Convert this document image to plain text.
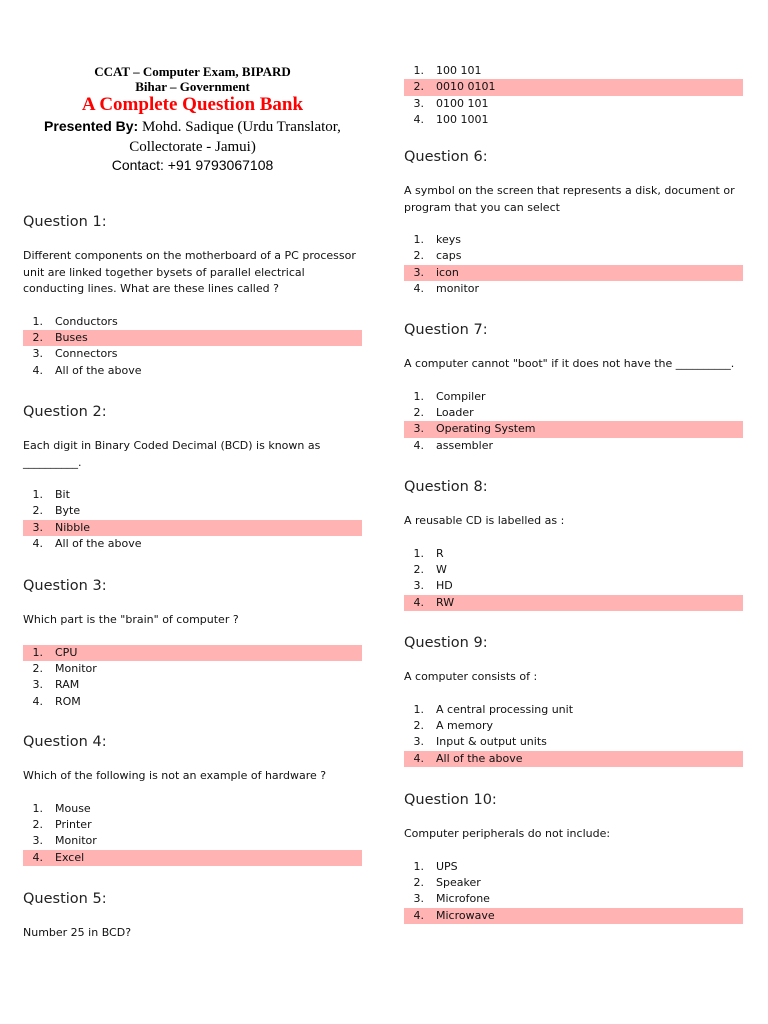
CCAT – Computer Exam, BIPARD
Bihar – Government
A Complete Question Bank
Presented By: Mohd. Sadique (Urdu Translator,
Collectorate - Jamui)
Contact: +91 9793067108
Question 1:
Different components on the motherboard of a PC processor unit are linked together bysets of parallel electrical conducting lines. What are these lines called ?
1. Conductors
2. Buses
3. Connectors
4. All of the above
Question 2:
Each digit in Binary Coded Decimal (BCD) is known as __________.
1. Bit
2. Byte
3. Nibble
4. All of the above
Question 3:
Which part is the "brain" of computer ?
1. CPU
2. Monitor
3. RAM
4. ROM
Question 4:
Which of the following is not an example of hardware ?
1. Mouse
2. Printer
3. Monitor
4. Excel
Question 5:
Number 25 in BCD?
1. 100 101
2. 0010 0101
3. 0100 101
4. 100 1001
Question 6:
A symbol on the screen that represents a disk, document or program that you can select
1. keys
2. caps
3. icon
4. monitor
Question 7:
A computer cannot "boot" if it does not have the __________.
1. Compiler
2. Loader
3. Operating System
4. assembler
Question 8:
A reusable CD is labelled as :
1. R
2. W
3. HD
4. RW
Question 9:
A computer consists of :
1. A central processing unit
2. A memory
3. Input & output units
4. All of the above
Question 10:
Computer peripherals do not include:
1. UPS
2. Speaker
3. Microfone
4. Microwave
